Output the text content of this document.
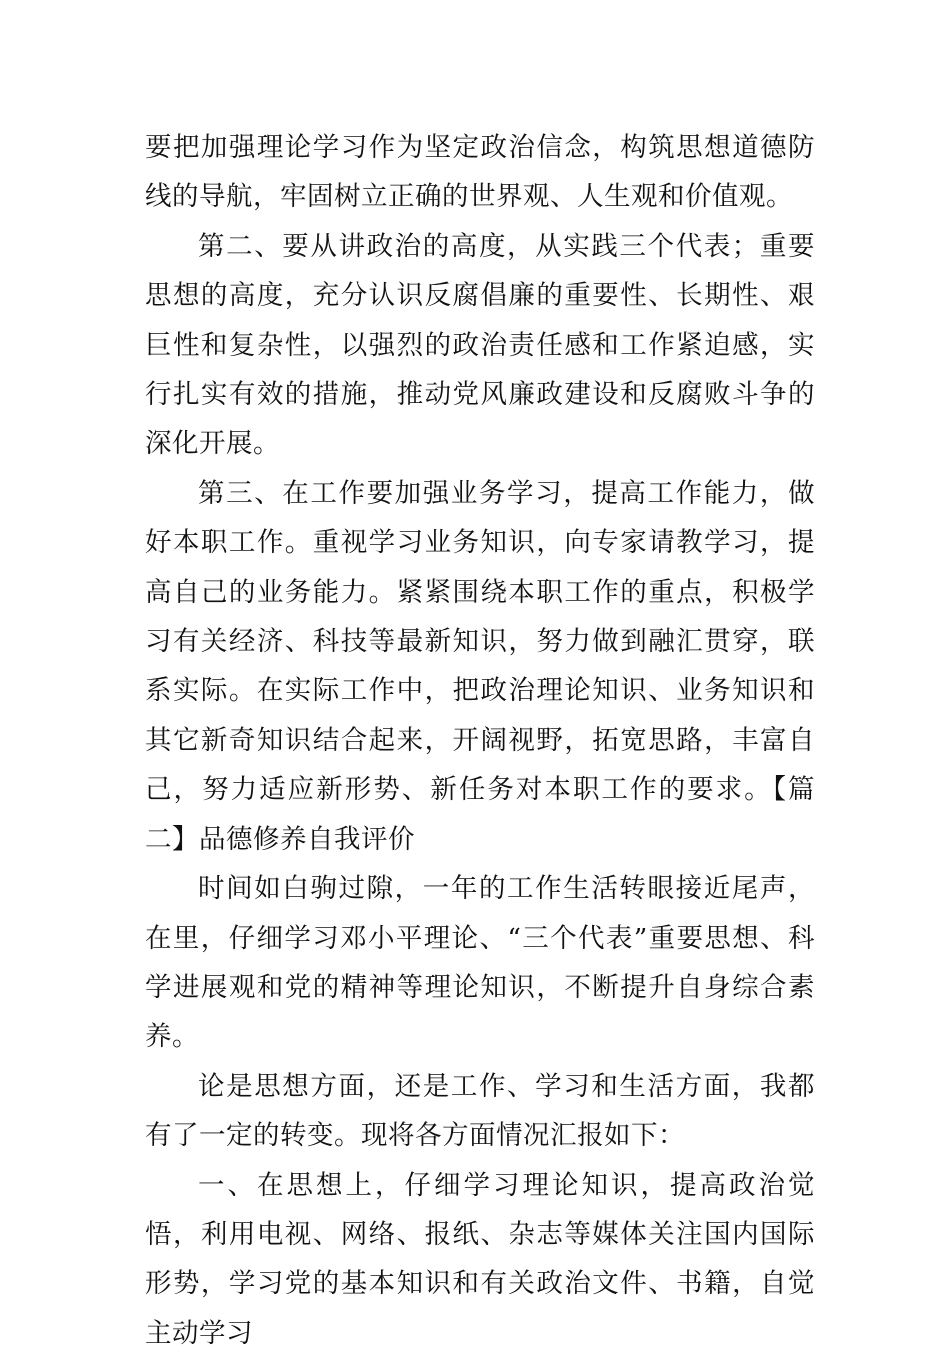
要把加强理论学习作为坚定政治信念，构筑思想道德防线的导航，牢固树立正确的世界观、人生观和价值观。

第二、要从讲政治的高度，从实践三个代表；重要思想的高度，充分认识反腐倡廉的重要性、长期性、艰巨性和复杂性，以强烈的政治责任感和工作紧迫感，实行扎实有效的措施，推动党风廉政建设和反腐败斗争的深化开展。

第三、在工作要加强业务学习，提高工作能力，做好本职工作。重视学习业务知识，向专家请教学习，提高自己的业务能力。紧紧围绕本职工作的重点，积极学习有关经济、科技等最新知识，努力做到融汇贯穿，联系实际。在实际工作中，把政治理论知识、业务知识和其它新奇知识结合起来，开阔视野，拓宽思路，丰富自己，努力适应新形势、新任务对本职工作的要求。【篇二】品德修养自我评价

时间如白驹过隙，一年的工作生活转眼接近尾声，在里，仔细学习邓小平理论、“三个代表”重要思想、科学进展观和党的精神等理论知识，不断提升自身综合素养。

论是思想方面，还是工作、学习和生活方面，我都有了一定的转变。现将各方面情况汇报如下：

一、在思想上，仔细学习理论知识，提高政治觉悟，利用电视、网络、报纸、杂志等媒体关注国内国际形势，学习党的基本知识和有关政治文件、书籍，自觉主动学习
